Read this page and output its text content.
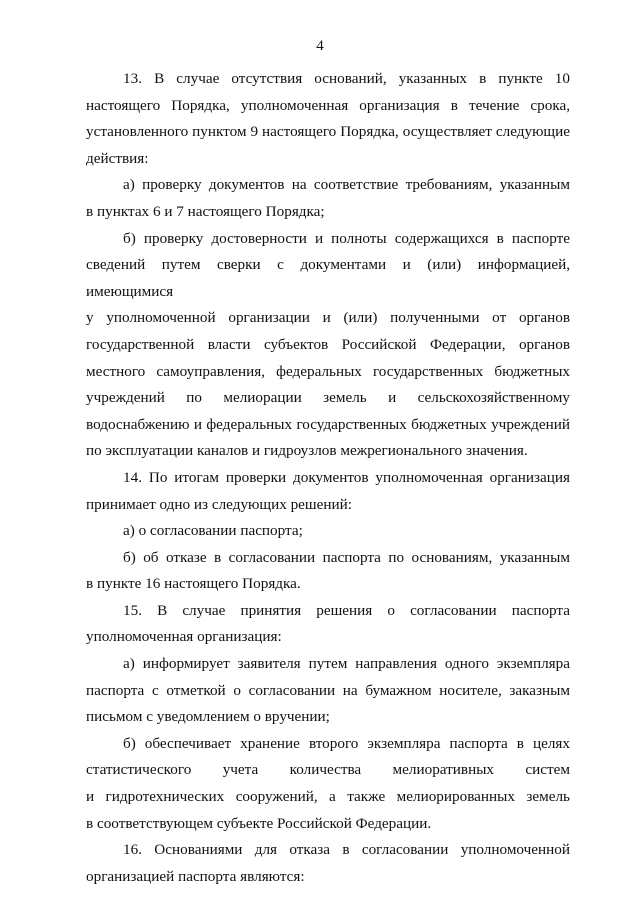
4

13. В случае отсутствия оснований, указанных в пункте 10
настоящего Порядка, уполномоченная организация в течение срока,
установленного пунктом 9 настоящего Порядка, осуществляет следующие
действия:

а) проверку документов на соответствие требованиям, указанным
в пунктах 6 и 7 настоящего Порядка;

б) проверку достоверности и полноты содержащихся в паспорте
сведений путем сверки с документами и (или) информацией, имеющимися
у уполномоченной организации и (или) полученными от органов
государственной власти субъектов Российской Федерации, органов
местного самоуправления, федеральных государственных бюджетных
учреждений по мелиорации земель и сельскохозяйственному
водоснабжению и федеральных государственных бюджетных учреждений
по эксплуатации каналов и гидроузлов межрегионального значения.

14. По итогам проверки документов уполномоченная организация
принимает одно из следующих решений:

а) о согласовании паспорта;

б) об отказе в согласовании паспорта по основаниям, указанным
в пункте 16 настоящего Порядка.

15. В случае принятия решения о согласовании паспорта
уполномоченная организация:

а) информирует заявителя путем направления одного экземпляра
паспорта с отметкой о согласовании на бумажном носителе, заказным
письмом с уведомлением о вручении;

б) обеспечивает хранение второго экземпляра паспорта в целях
статистического учета количества мелиоративных систем
и гидротехнических сооружений, а также мелиорированных земель
в соответствующем субъекте Российской Федерации.

16. Основаниями для отказа в согласовании уполномоченной
организацией паспорта являются:
